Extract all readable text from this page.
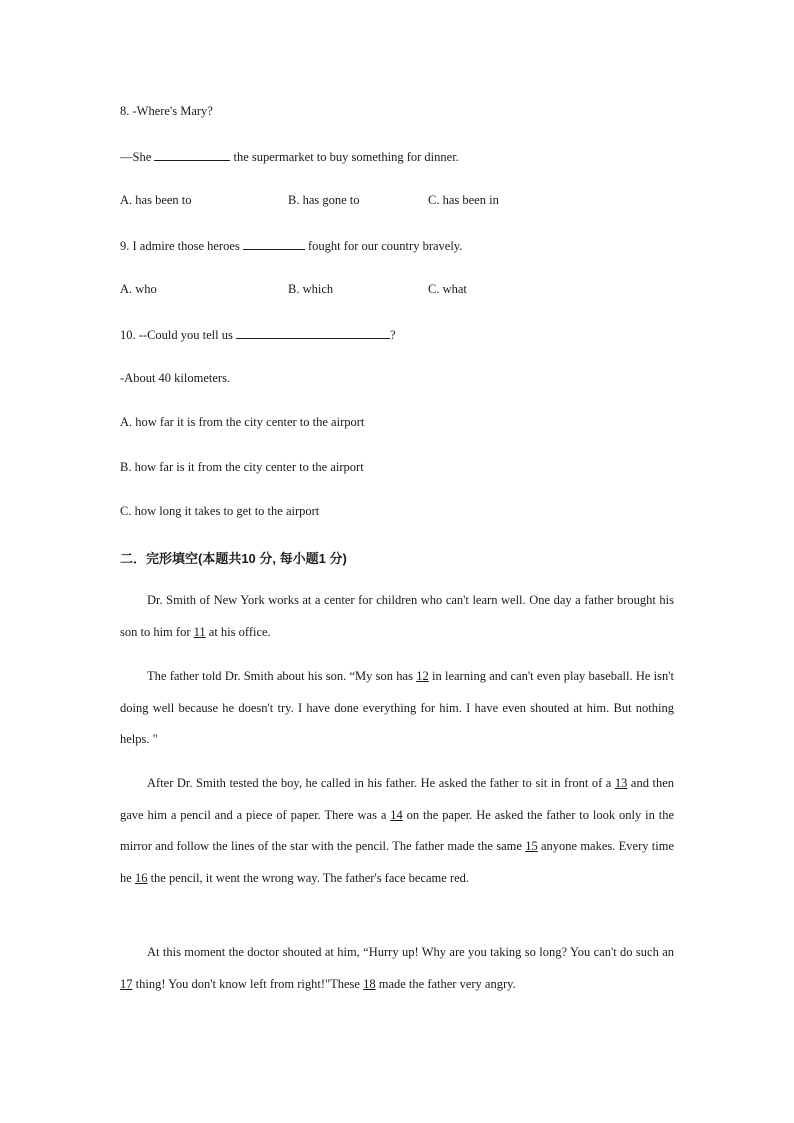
8. -Where's Mary?
—She	the supermarket to buy something for dinner.
A. has been to	B. has gone to	C. has been in
9. I admire those heroes	fought for our country bravely.
A. who	B. which	C. what
10. --Could you tell us	?
-About 40 kilometers.
A. how far it is from the city center to the airport
B. how far is it from the city center to the airport
C. how long it takes to get to the airport
二．完形填空(本题共10 分, 每小题1 分)
Dr. Smith of New York works at a center for children who can't learn well. One day a father brought his son to him for 11 at his office.
The father told Dr. Smith about his son. “My son has 12 in learning and can't even play baseball. He isn't doing well because he doesn't try. I have done everything for him. I have even shouted at him. But nothing helps. "
After Dr. Smith tested the boy, he called in his father. He asked the father to sit in front of a 13 and then gave him a pencil and a piece of paper. There was a 14 on the paper. He asked the father to look only in the mirror and follow the lines of the star with the pencil. The father made the same 15 anyone makes. Every time he 16 the pencil, it went the wrong way. The father's face became red.
At this moment the doctor shouted at him, “Hurry up! Why are you taking so long? You can't do such an 17 thing! You don't know left from right!"These 18 made the father very angry.
